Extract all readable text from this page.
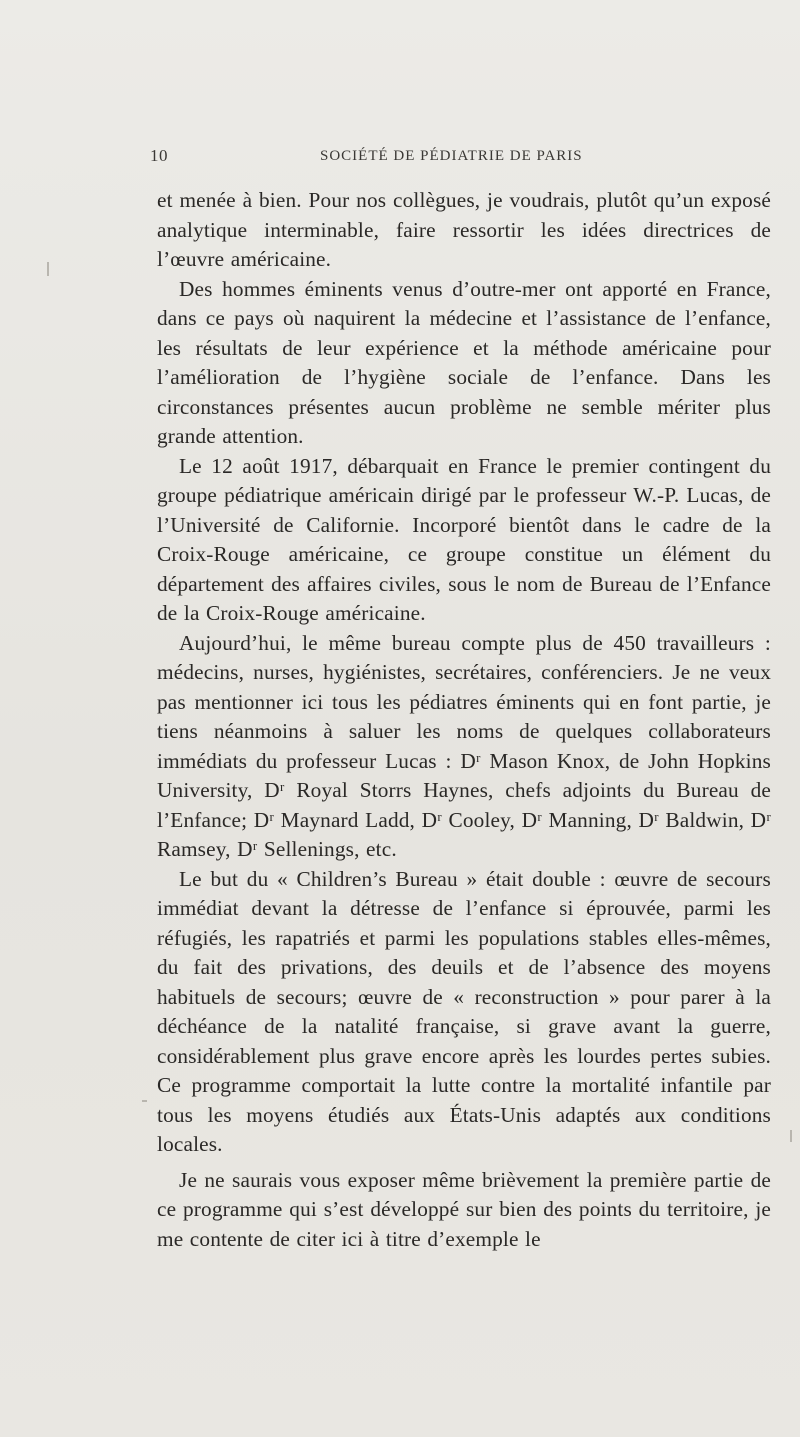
10	SOCIÉTÉ DE PÉDIATRIE DE PARIS

et menée à bien. Pour nos collègues, je voudrais, plutôt qu’un exposé analytique interminable, faire ressortir les idées directrices de l’œuvre américaine.

Des hommes éminents venus d’outre-mer ont apporté en France, dans ce pays où naquirent la médecine et l’assistance de l’enfance, les résultats de leur expérience et la méthode américaine pour l’amélioration de l’hygiène sociale de l’enfance. Dans les circonstances présentes aucun problème ne semble mériter plus grande attention.

Le 12 août 1917, débarquait en France le premier contingent du groupe pédiatrique américain dirigé par le professeur W.-P. Lucas, de l’Université de Californie. Incorporé bientôt dans le cadre de la Croix-Rouge américaine, ce groupe constitue un élément du département des affaires civiles, sous le nom de Bureau de l’Enfance de la Croix-Rouge américaine.

Aujourd’hui, le même bureau compte plus de 450 travailleurs : médecins, nurses, hygiénistes, secrétaires, conférenciers. Je ne veux pas mentionner ici tous les pédiatres éminents qui en font partie, je tiens néanmoins à saluer les noms de quelques collaborateurs immédiats du professeur Lucas : Dʳ Mason Knox, de John Hopkins University, Dʳ Royal Storrs Haynes, chefs adjoints du Bureau de l’Enfance; Dʳ Maynard Ladd, Dʳ Cooley, Dʳ Manning, Dʳ Baldwin, Dʳ Ramsey, Dʳ Sellenings, etc.

Le but du « Children’s Bureau » était double : œuvre de secours immédiat devant la détresse de l’enfance si éprouvée, parmi les réfugiés, les rapatriés et parmi les populations stables elles-mêmes, du fait des privations, des deuils et de l’absence des moyens habituels de secours; œuvre de « reconstruction » pour parer à la déchéance de la natalité française, si grave avant la guerre, considérablement plus grave encore après les lourdes pertes subies. Ce programme comportait la lutte contre la mortalité infantile par tous les moyens étudiés aux États-Unis adaptés aux conditions locales.

Je ne saurais vous exposer même brièvement la première partie de ce programme qui s’est développé sur bien des points du territoire, je me contente de citer ici à titre d’exemple le
